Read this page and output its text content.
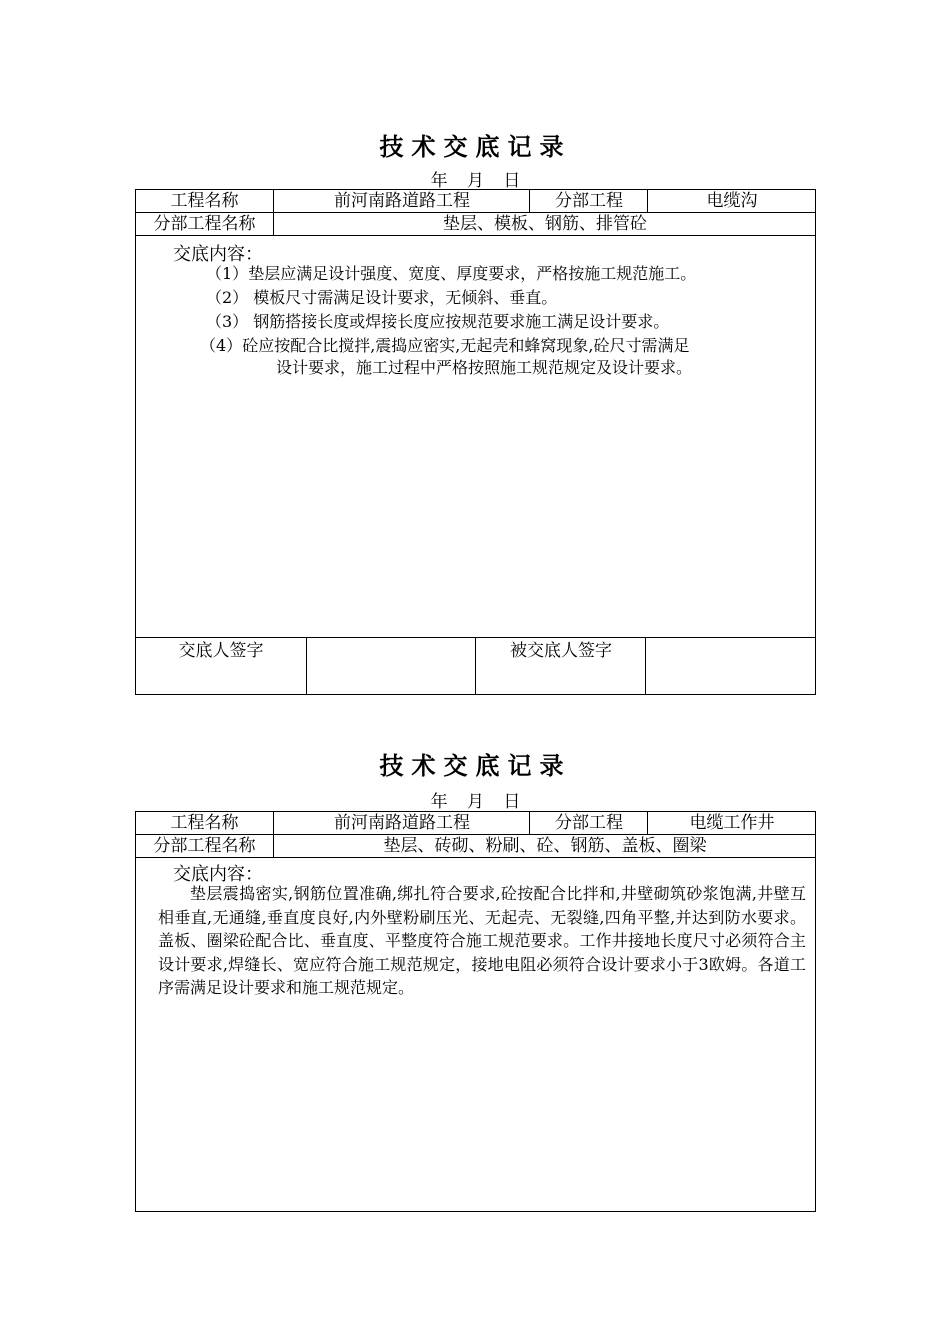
技术交底记录
年 月 日
工程名称	前河南路道路工程	分部工程	电缆沟
分部工程名称	垫层、模板、钢筋、排管砼
交底内容：
（1）垫层应满足设计强度、宽度、厚度要求，严格按施工规范施工。
（2） 模板尺寸需满足设计要求，无倾斜、垂直。
（3） 钢筋搭接长度或焊接长度应按规范要求施工满足设计要求。
（4）砼应按配合比搅拌,震捣应密实,无起壳和蜂窝现象,砼尺寸需满足
设计要求，施工过程中严格按照施工规范规定及设计要求。
交底人签字	被交底人签字
技术交底记录
年 月 日
工程名称	前河南路道路工程	分部工程	电缆工作井
分部工程名称	垫层、砖砌、粉刷、砼、钢筋、盖板、圈梁
交底内容：

垫层震捣密实,钢筋位置准确,绑扎符合要求,砼按配合比拌和,井壁砌筑砂浆饱满,井壁互相垂直,无通缝,垂直度良好,内外壁粉刷压光、无起壳、无裂缝,四角平整,并达到防水要求。盖板、圈梁砼配合比、垂直度、平整度符合施工规范要求。工作井接地长度尺寸必须符合主设计要求,焊缝长、宽应符合施工规范规定，接地电阻必须符合设计要求小于3欧姆。各道工序需满足设计要求和施工规范规定。
